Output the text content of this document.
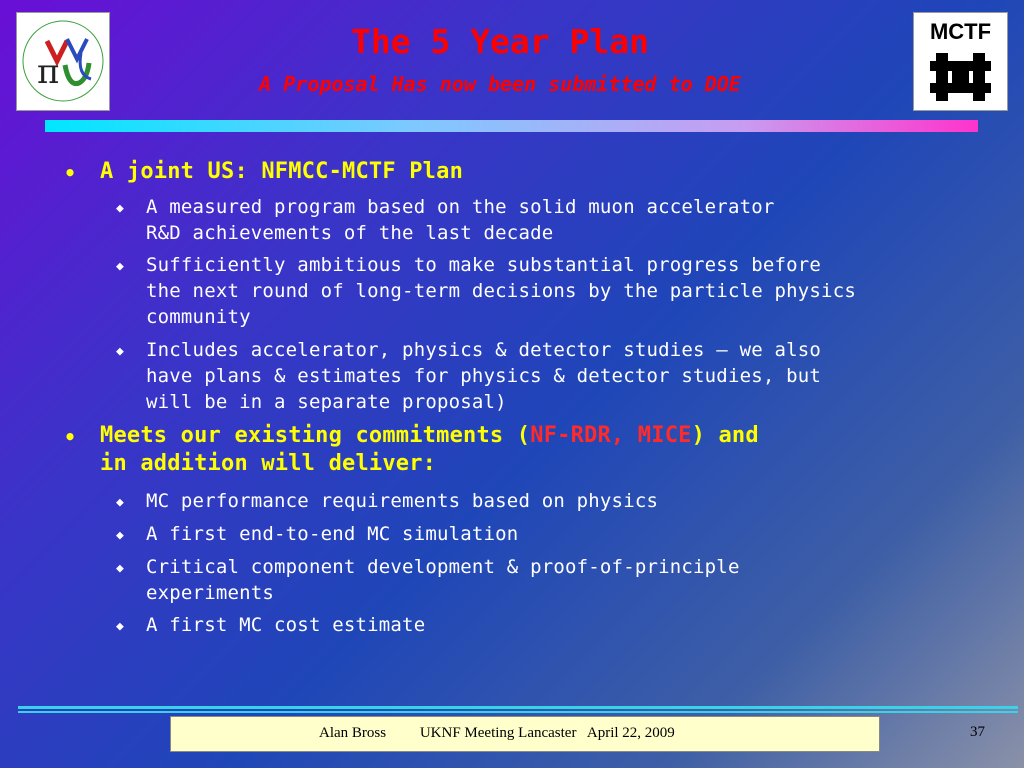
π
MCTF
The 5 Year Plan
A Proposal Has now been submitted to DOE
• A joint US: NFMCC-MCTF Plan
◆ A measured program based on the solid muon accelerator
R&D achievements of the last decade
◆ Sufficiently ambitious to make substantial progress before
the next round of long-term decisions by the particle physics
community
◆ Includes accelerator, physics & detector studies – we also
have plans & estimates for physics & detector studies, but
will be in a separate proposal)
• Meets our existing commitments (NF-RDR, MICE) and
in addition will deliver:
◆ MC performance requirements based on physics
◆ A first end-to-end MC simulation
◆ Critical component development & proof-of-principle
experiments
◆ A first MC cost estimate
Alan Bross         UKNF Meeting Lancaster   April 22, 2009	37
